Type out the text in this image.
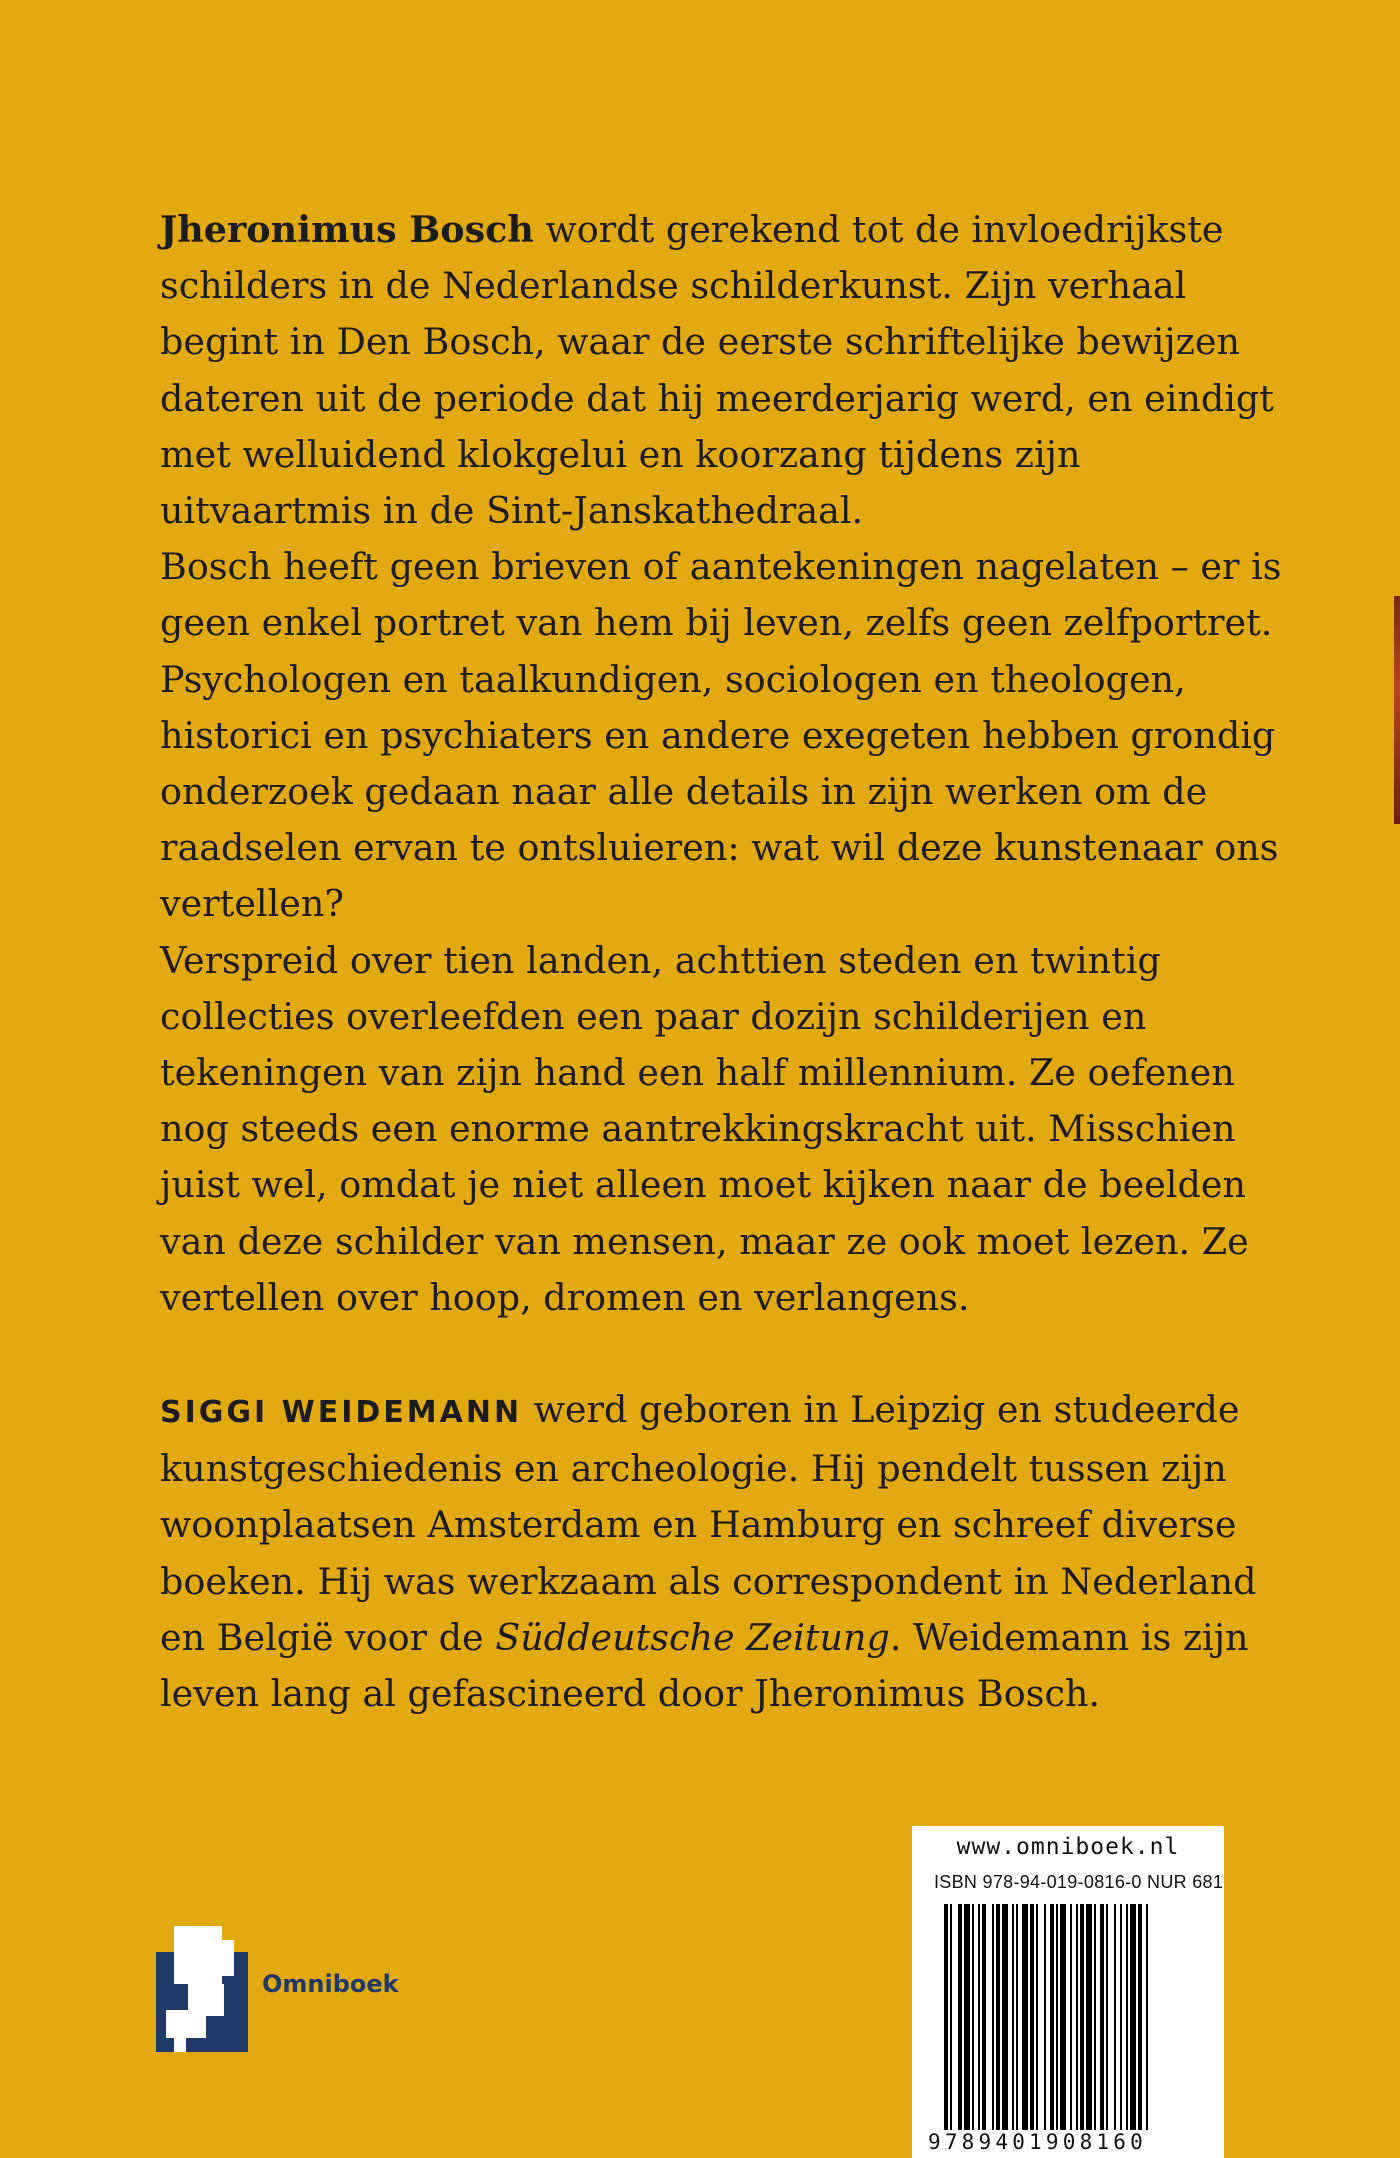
Jheronimus Bosch wordt gerekend tot de invloedrijkste schilders in de Nederlandse schilderkunst. Zijn verhaal begint in Den Bosch, waar de eerste schriftelijke bewijzen dateren uit de periode dat hij meerderjarig werd, en eindigt met welluidend klokgelui en koorzang tijdens zijn uitvaartmis in de Sint-Janskathedraal.

Bosch heeft geen brieven of aantekeningen nagelaten – er is geen enkel portret van hem bij leven, zelfs geen zelfportret. Psychologen en taalkundigen, sociologen en theologen, historici en psychiaters en andere exegeten hebben grondig onderzoek gedaan naar alle details in zijn werken om de raadselen ervan te ontsluieren: wat wil deze kunstenaar ons vertellen?

Verspreid over tien landen, achttien steden en twintig collecties overleefden een paar dozijn schilderijen en tekeningen van zijn hand een half millennium. Ze oefenen nog steeds een enorme aantrekkingskracht uit. Misschien juist wel, omdat je niet alleen moet kijken naar de beelden van deze schilder van mensen, maar ze ook moet lezen. Ze vertellen over hoop, dromen en verlangens.

SIGGI WEIDEMANN werd geboren in Leipzig en studeerde kunstgeschiedenis en archeologie. Hij pendelt tussen zijn woonplaatsen Amsterdam en Hamburg en schreef diverse boeken. Hij was werkzaam als correspondent in Nederland en België voor de Süddeutsche Zeitung. Weidemann is zijn leven lang al gefascineerd door Jheronimus Bosch.

Omniboek
www.omniboek.nl
ISBN 978-94-019-0816-0 NUR 681
9789401908160
